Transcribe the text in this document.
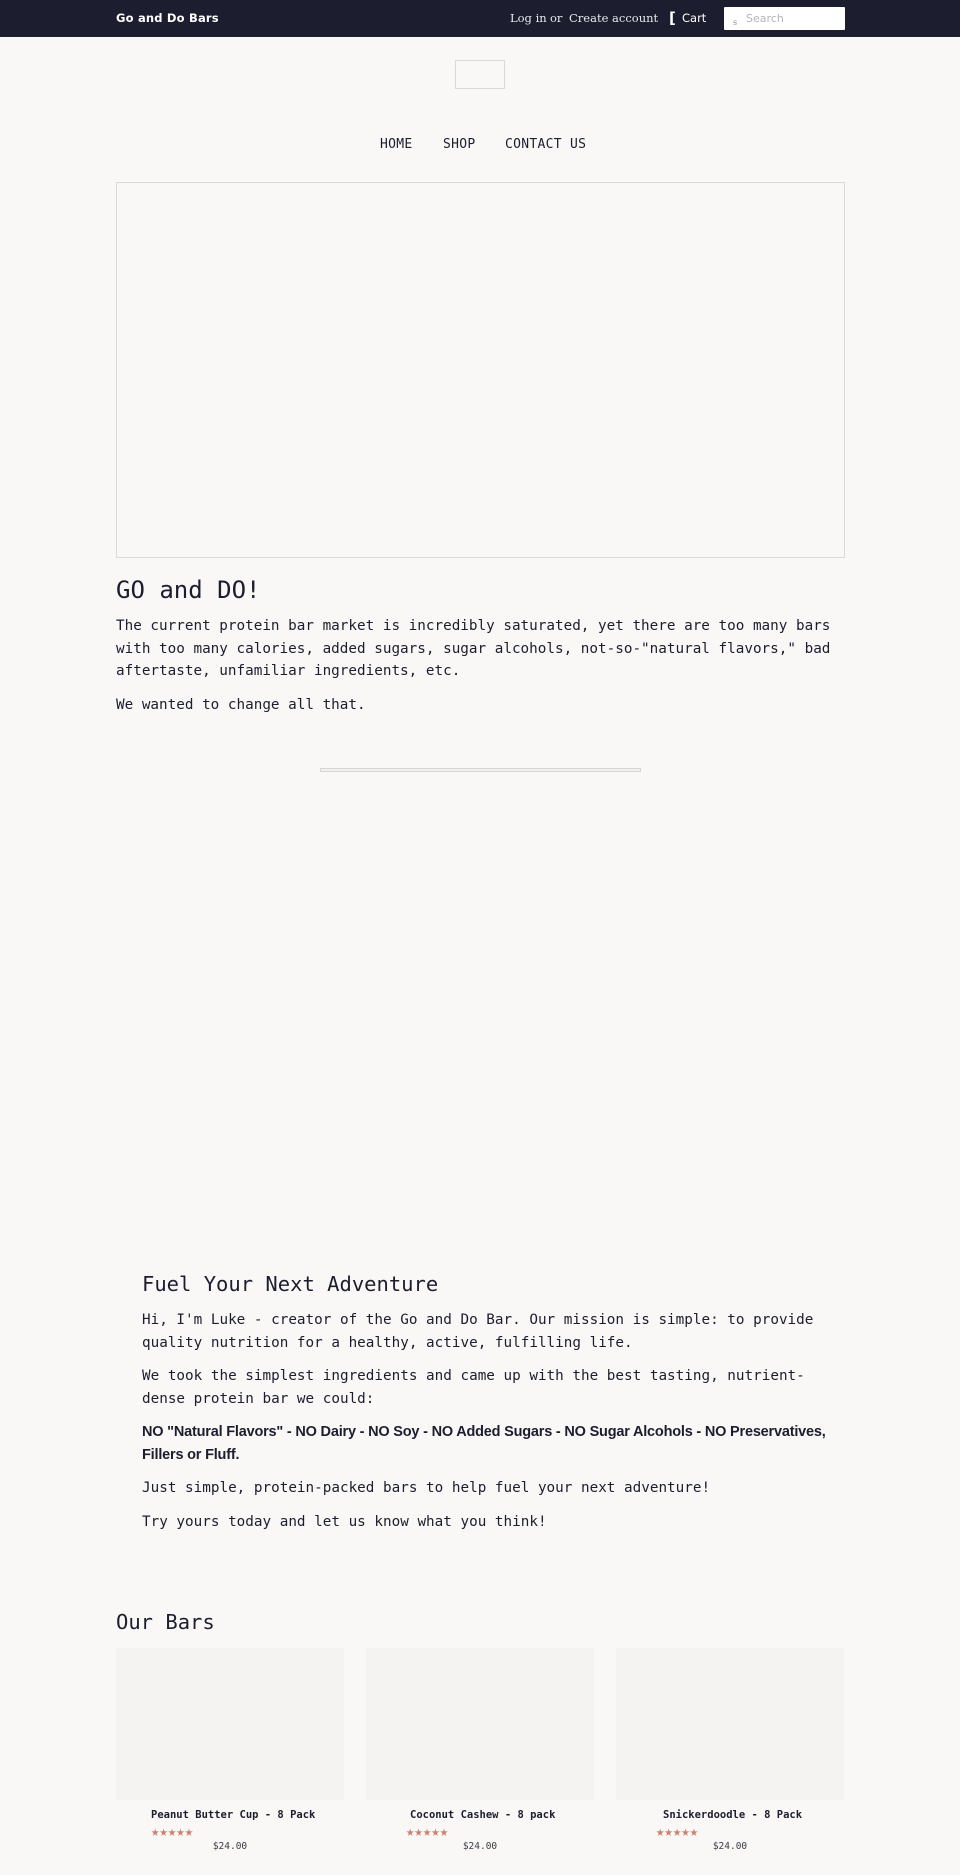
Go and Do Bars	Log in or Create account [ Cart	s
Search
HOME SHOP CONTACT US
GO and DO!

The current protein bar market is incredibly saturated, yet there are too many bars with too many calories, added sugars, sugar alcohols, not-so-"natural flavors," bad aftertaste, unfamiliar ingredients, etc.

We wanted to change all that.

Fuel Your Next Adventure

Hi, I'm Luke - creator of the Go and Do Bar. Our mission is simple: to provide quality nutrition for a healthy, active, fulfilling life.

We took the simplest ingredients and came up with the best tasting, nutrient-dense protein bar we could:

NO "Natural Flavors" - NO Dairy - NO Soy - NO Added Sugars - NO Sugar Alcohols - NO Preservatives, Fillers or Fluff.

Just simple, protein-packed bars to help fuel your next adventure!

Try yours today and let us know what you think!

Our Bars
Peanut Butter Cup - 8 Pack
★★★★★
$24.00
Coconut Cashew - 8 pack
★★★★★
$24.00
Snickerdoodle - 8 Pack
★★★★★
$24.00
